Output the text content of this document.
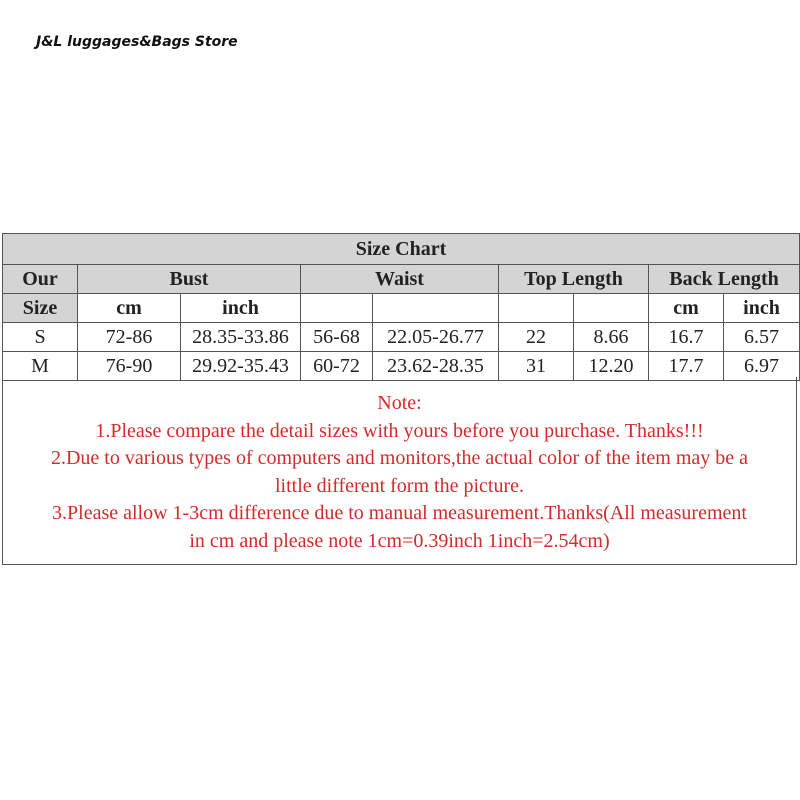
J&L luggages&Bags Store
Size Chart								
Our	Bust		Waist		Top Length		Back Length	
Size	cm	inch					cm	inch
S	72-86	28.35-33.86	56-68	22.05-26.77	22	8.66	16.7	6.57
M	76-90	29.92-35.43	60-72	23.62-28.35	31	12.20	17.7	6.97
Note:
1.Please compare the detail sizes with yours before you purchase. Thanks!!!
2.Due to various types of computers and monitors,the actual color of the item may be a
little different form the picture.
3.Please allow 1-3cm difference due to manual measurement.Thanks(All measurement
in cm and please note 1cm=0.39inch 1inch=2.54cm)
